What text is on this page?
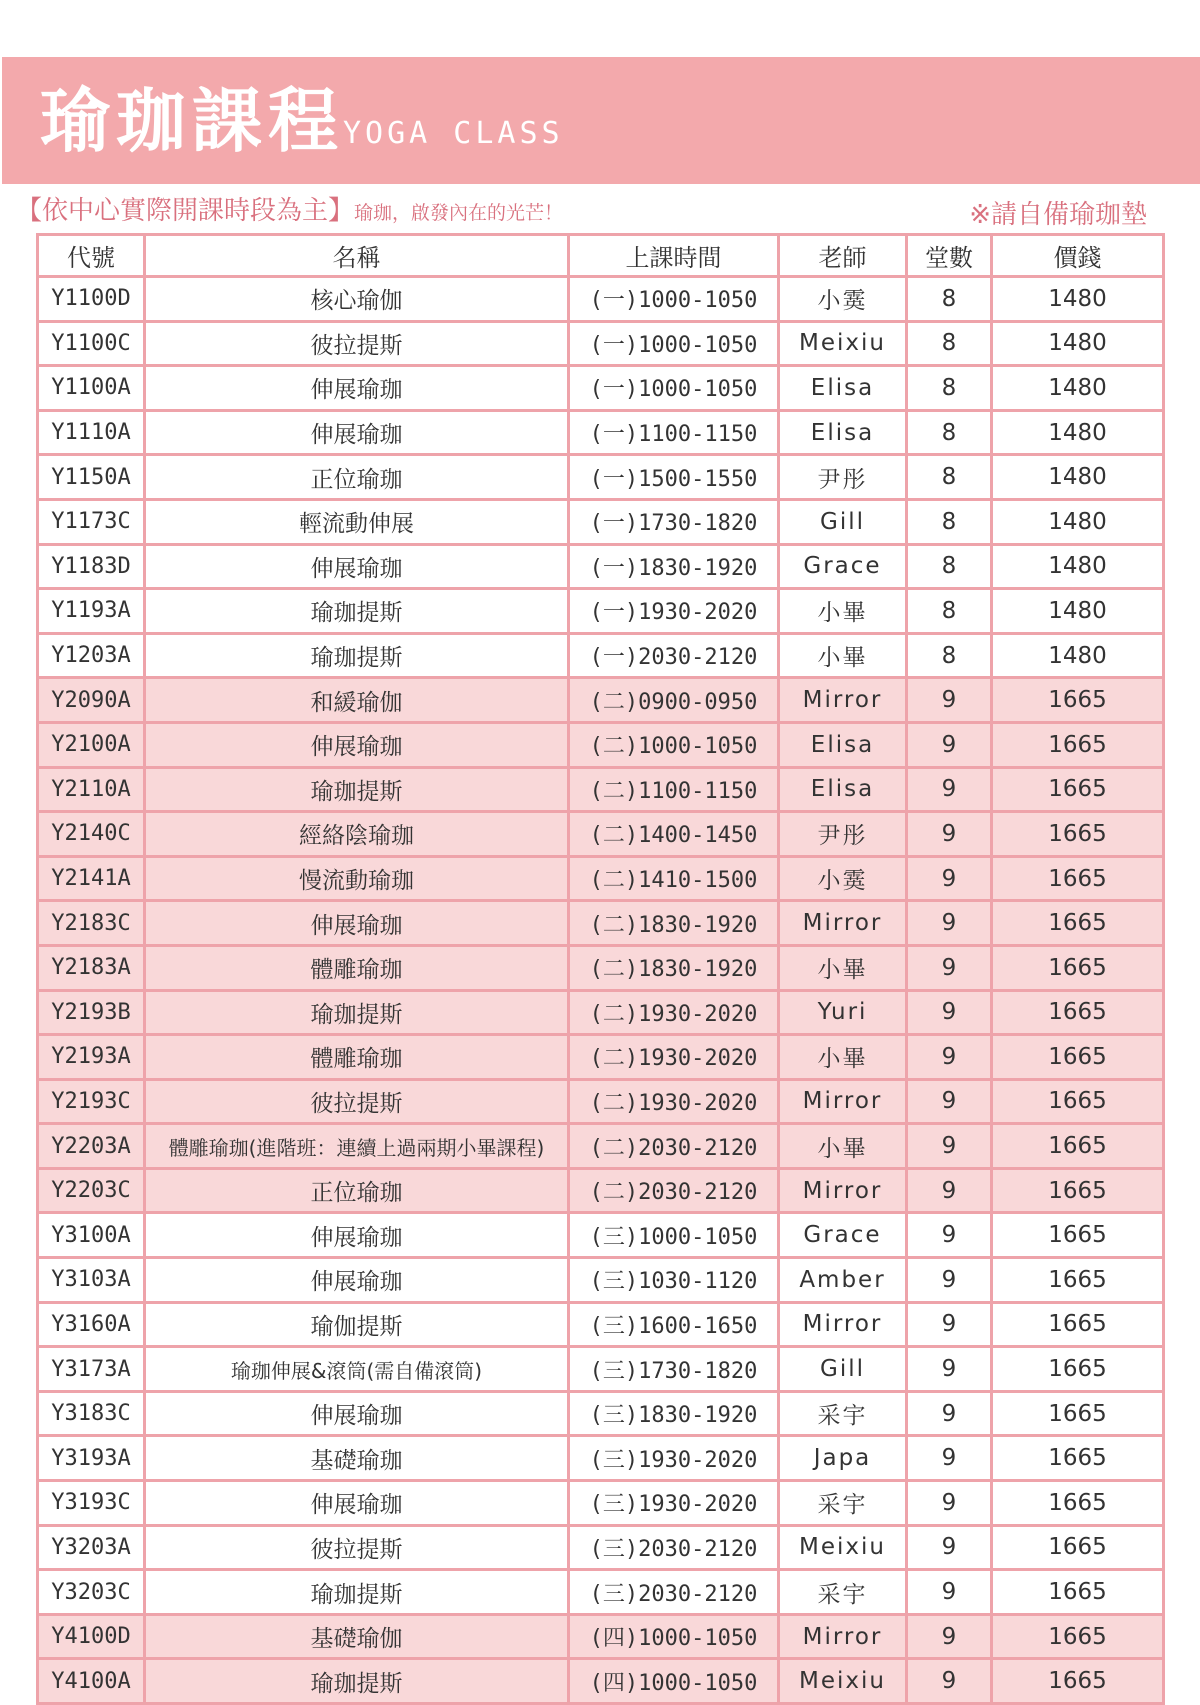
瑜珈課程 YOGA CLASS
【依中心實際開課時段為主】瑜珈，啟發內在的光芒！	※請自備瑜珈墊
代號	名稱	上課時間	老師	堂數	價錢
Y1100D	核心瑜伽	(一)1000-1050	小霙	8	1480
Y1100C	彼拉提斯	(一)1000-1050	Meixiu	8	1480
Y1100A	伸展瑜珈	(一)1000-1050	Elisa	8	1480
Y1110A	伸展瑜珈	(一)1100-1150	Elisa	8	1480
Y1150A	正位瑜珈	(一)1500-1550	尹彤	8	1480
Y1173C	輕流動伸展	(一)1730-1820	Gill	8	1480
Y1183D	伸展瑜珈	(一)1830-1920	Grace	8	1480
Y1193A	瑜珈提斯	(一)1930-2020	小畢	8	1480
Y1203A	瑜珈提斯	(一)2030-2120	小畢	8	1480
Y2090A	和緩瑜伽	(二)0900-0950	Mirror	9	1665
Y2100A	伸展瑜珈	(二)1000-1050	Elisa	9	1665
Y2110A	瑜珈提斯	(二)1100-1150	Elisa	9	1665
Y2140C	經絡陰瑜珈	(二)1400-1450	尹彤	9	1665
Y2141A	慢流動瑜珈	(二)1410-1500	小霙	9	1665
Y2183C	伸展瑜珈	(二)1830-1920	Mirror	9	1665
Y2183A	體雕瑜珈	(二)1830-1920	小畢	9	1665
Y2193B	瑜珈提斯	(二)1930-2020	Yuri	9	1665
Y2193A	體雕瑜珈	(二)1930-2020	小畢	9	1665
Y2193C	彼拉提斯	(二)1930-2020	Mirror	9	1665
Y2203A	體雕瑜珈(進階班：連續上過兩期小畢課程)	(二)2030-2120	小畢	9	1665
Y2203C	正位瑜珈	(二)2030-2120	Mirror	9	1665
Y3100A	伸展瑜珈	(三)1000-1050	Grace	9	1665
Y3103A	伸展瑜珈	(三)1030-1120	Amber	9	1665
Y3160A	瑜伽提斯	(三)1600-1650	Mirror	9	1665
Y3173A	瑜珈伸展&滾筒(需自備滾筒)	(三)1730-1820	Gill	9	1665
Y3183C	伸展瑜珈	(三)1830-1920	采宇	9	1665
Y3193A	基礎瑜珈	(三)1930-2020	Japa	9	1665
Y3193C	伸展瑜珈	(三)1930-2020	采宇	9	1665
Y3203A	彼拉提斯	(三)2030-2120	Meixiu	9	1665
Y3203C	瑜珈提斯	(三)2030-2120	采宇	9	1665
Y4100D	基礎瑜伽	(四)1000-1050	Mirror	9	1665
Y4100A	瑜珈提斯	(四)1000-1050	Meixiu	9	1665
